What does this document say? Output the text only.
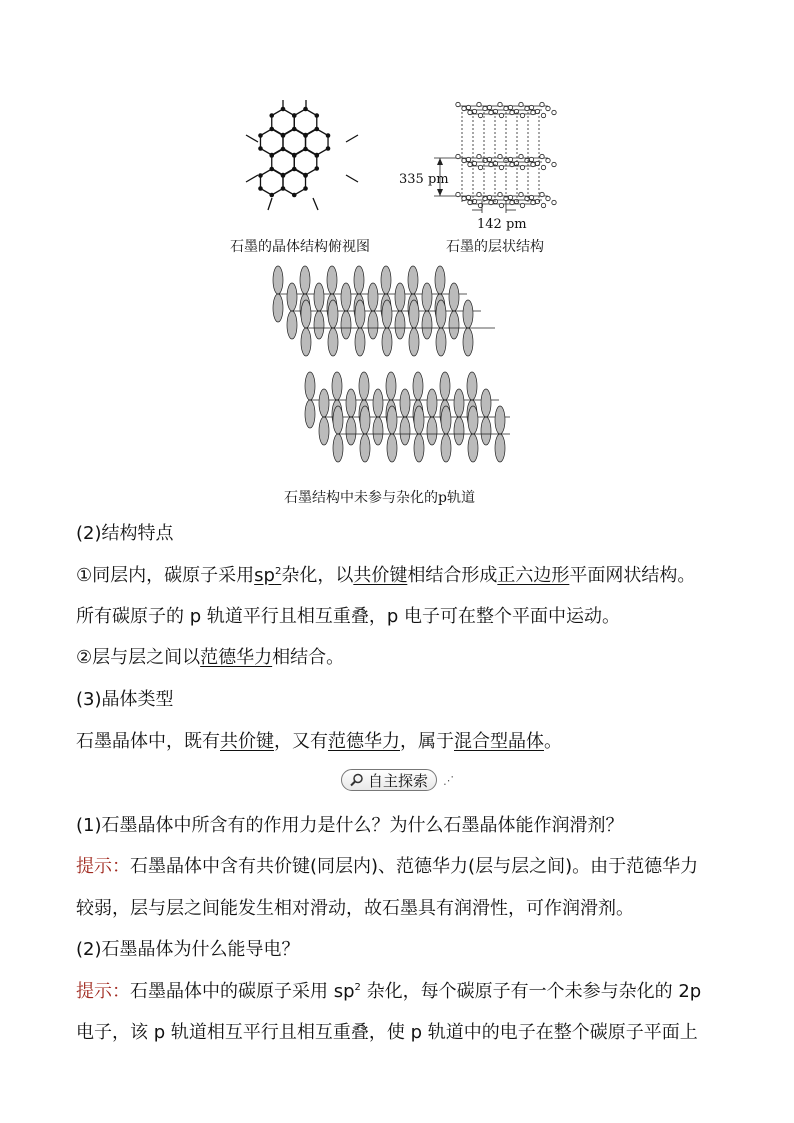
石墨的晶体结构俯视图
335 pm
142 pm
石墨的层状结构
石墨结构中未参与杂化的p轨道
(2)结构特点
①同层内，碳原子采用$sp^2$杂化，以共价键相结合形成正六边形平面网状结构。
所有碳原子的 p 轨道平行且相互重叠，p 电子可在整个平面中运动。
②层与层之间以范德华力相结合。
(3)晶体类型
石墨晶体中，既有共价键，又有范德华力，属于混合型晶体。
自主探索 ⋰
(1)石墨晶体中所含有的作用力是什么？为什么石墨晶体能作润滑剂？
提示：石墨晶体中含有共价键(同层内)、范德华力(层与层之间)。由于范德华力
较弱，层与层之间能发生相对滑动，故石墨具有润滑性，可作润滑剂。
(2)石墨晶体为什么能导电？
提示：石墨晶体中的碳原子采用 $sp^2$ 杂化，每个碳原子有一个未参与杂化的 2p
电子，该 p 轨道相互平行且相互重叠，使 p 轨道中的电子在整个碳原子平面上
